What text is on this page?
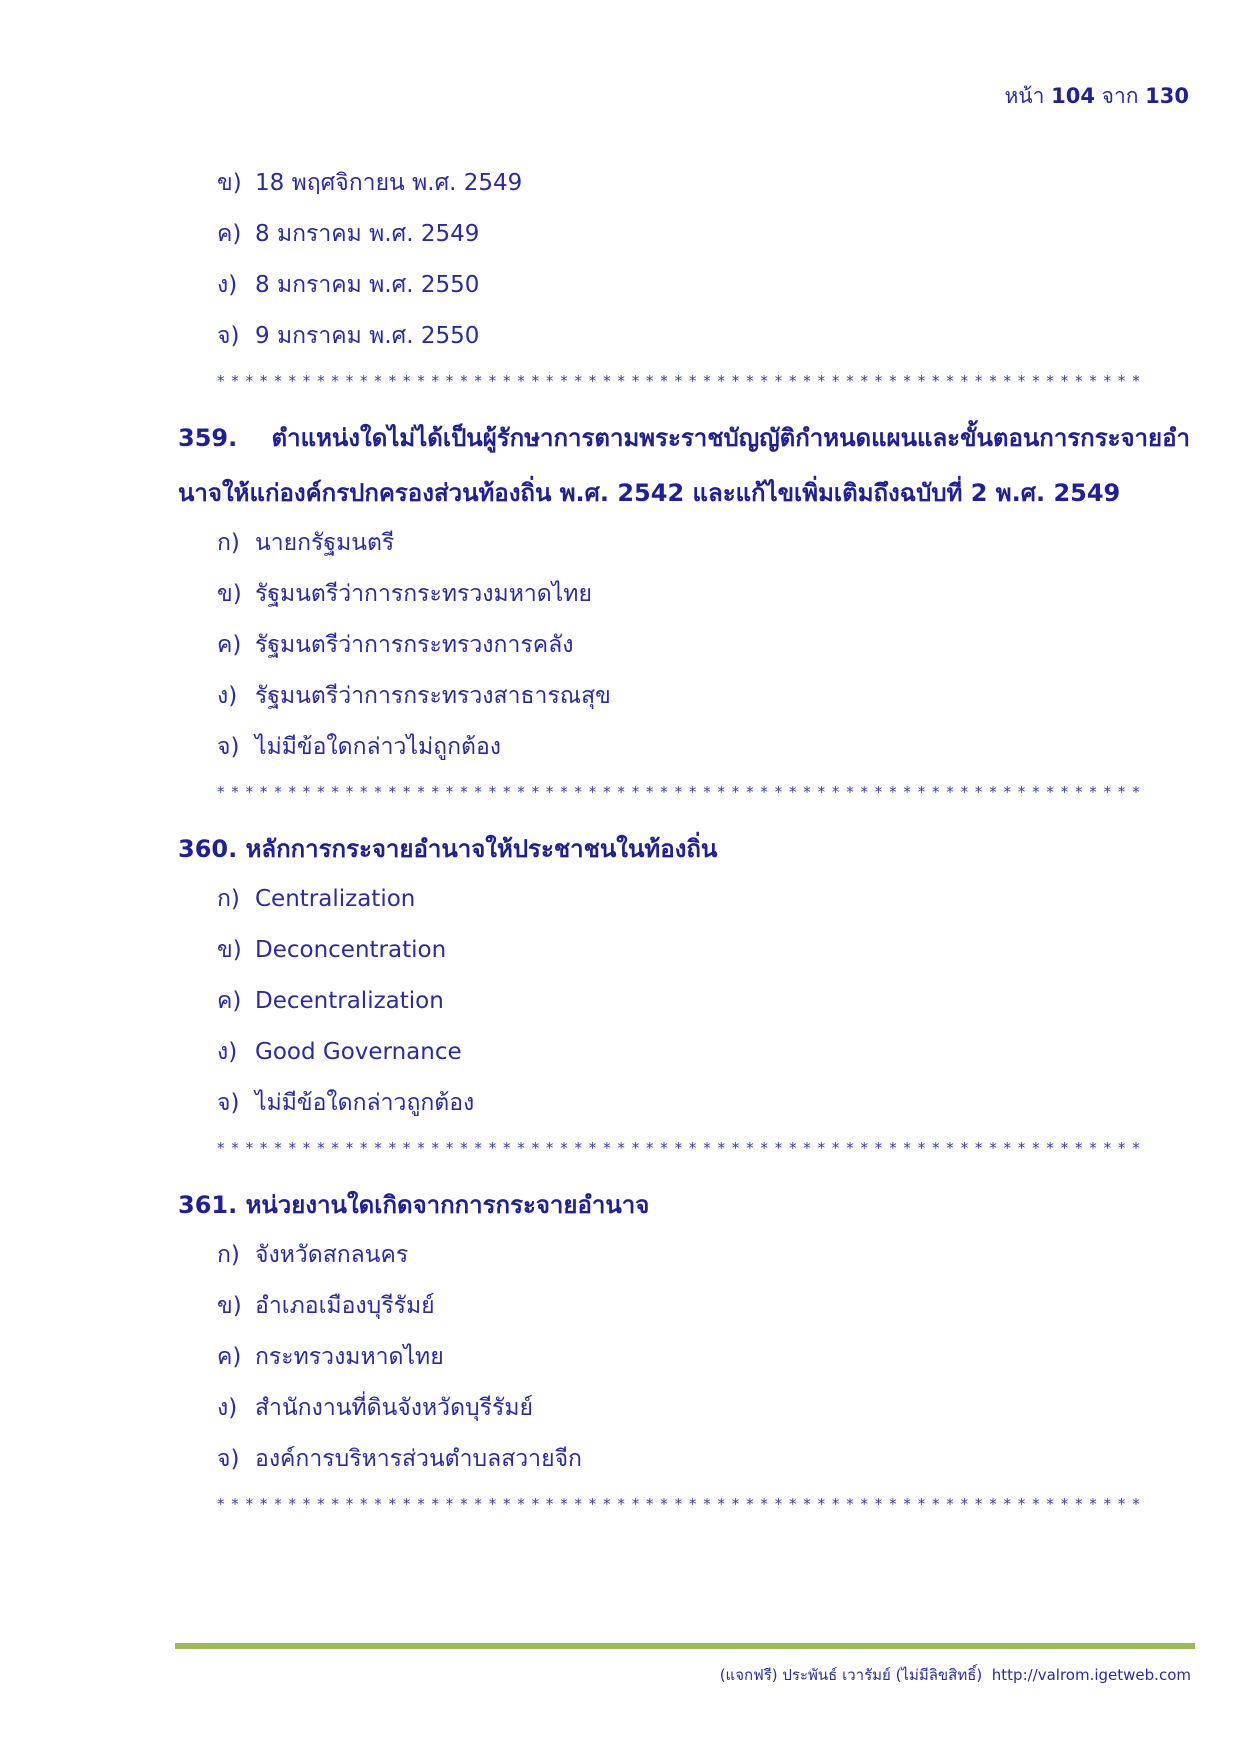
หน้า 104 จาก 130
ข) 18 พฤศจิกายน พ.ศ. 2549
ค) 8 มกราคม พ.ศ. 2549
ง) 8 มกราคม พ.ศ. 2550
จ) 9 มกราคม พ.ศ. 2550
*****************************************************************
359. ตำแหน่งใดไม่ได้เป็นผู้รักษาการตามพระราชบัญญัติกำหนดแผนและขั้นตอนการกระจายอำนาจให้แก่องค์กรปกครองส่วนท้องถิ่น พ.ศ. 2542 และแก้ไขเพิ่มเติมถึงฉบับที่ 2 พ.ศ. 2549
ก) นายกรัฐมนตรี
ข) รัฐมนตรีว่าการกระทรวงมหาดไทย
ค) รัฐมนตรีว่าการกระทรวงการคลัง
ง) รัฐมนตรีว่าการกระทรวงสาธารณสุข
จ) ไม่มีข้อใดกล่าวไม่ถูกต้อง
*****************************************************************
360. หลักการกระจายอำนาจให้ประชาชนในท้องถิ่น
ก) Centralization
ข) Deconcentration
ค) Decentralization
ง) Good Governance
จ) ไม่มีข้อใดกล่าวถูกต้อง
*****************************************************************
361. หน่วยงานใดเกิดจากการกระจายอำนาจ
ก) จังหวัดสกลนคร
ข) อำเภอเมืองบุรีรัมย์
ค) กระทรวงมหาดไทย
ง) สำนักงานที่ดินจังหวัดบุรีรัมย์
จ) องค์การบริหารส่วนตำบลสวายจีก
*****************************************************************
(แจกฟรี) ประพันธ์ เวารัมย์ (ไม่มีลิขสิทธิ์) http://valrom.igetweb.com
